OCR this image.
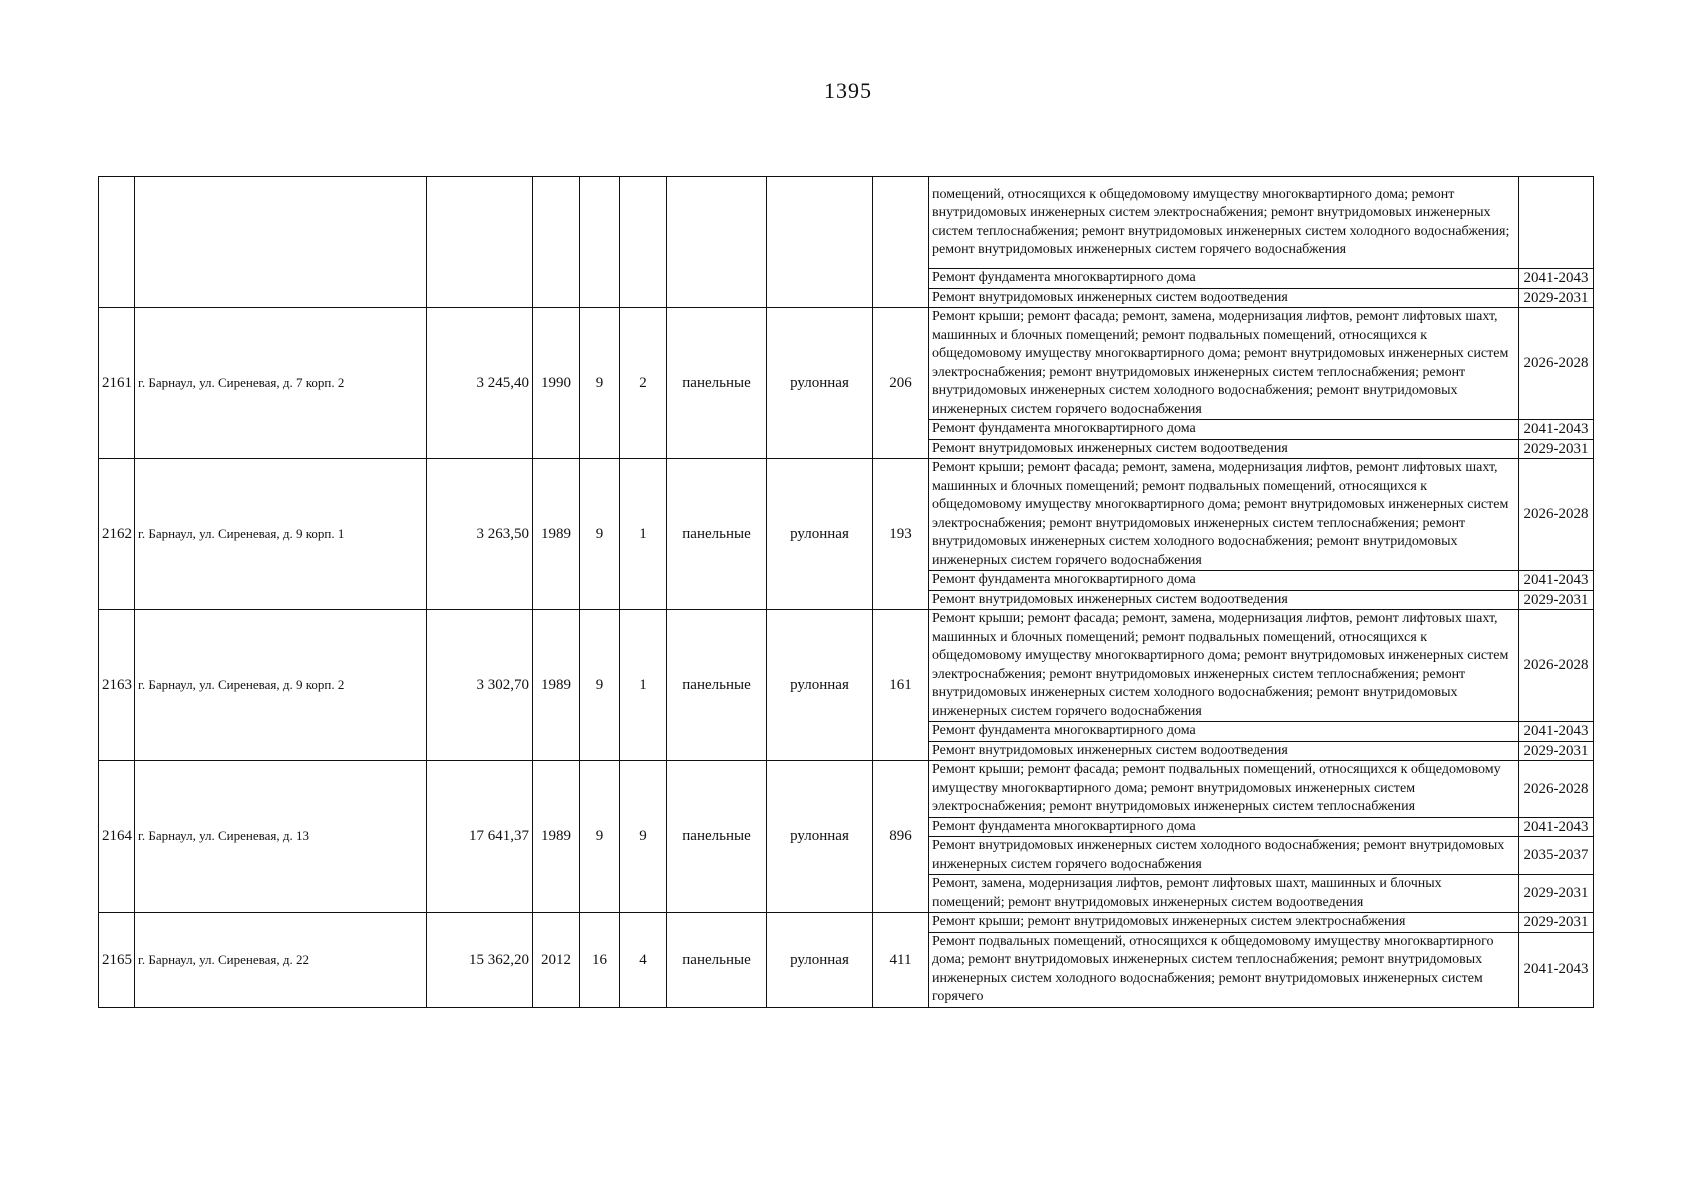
1395
									помещений, относящихся к общедомовому имуществу многоквартирного дома; ремонт внутридомовых инженерных систем электроснабжения; ремонт внутридомовых инженерных систем теплоснабжения; ремонт внутридомовых инженерных систем холодного водоснабжения; ремонт внутридомовых инженерных систем горячего водоснабжения	
									Ремонт фундамента многоквартирного дома	2041-2043
									Ремонт внутридомовых инженерных систем водоотведения	2029-2031
2161	г. Барнаул, ул. Сиреневая, д. 7 корп. 2	3 245,40	1990	9	2	панельные	рулонная	206	Ремонт крыши; ремонт фасада; ремонт, замена, модернизация лифтов, ремонт лифтовых шахт, машинных и блочных помещений; ремонт подвальных помещений, относящихся к общедомовому имуществу многоквартирного дома; ремонт внутридомовых инженерных систем электроснабжения; ремонт внутридомовых инженерных систем теплоснабжения; ремонт внутридомовых инженерных систем холодного водоснабжения; ремонт внутридомовых инженерных систем горячего водоснабжения	2026-2028
									Ремонт фундамента многоквартирного дома	2041-2043
									Ремонт внутридомовых инженерных систем водоотведения	2029-2031
2162	г. Барнаул, ул. Сиреневая, д. 9 корп. 1	3 263,50	1989	9	1	панельные	рулонная	193	Ремонт крыши; ремонт фасада; ремонт, замена, модернизация лифтов, ремонт лифтовых шахт, машинных и блочных помещений; ремонт подвальных помещений, относящихся к общедомовому имуществу многоквартирного дома; ремонт внутридомовых инженерных систем электроснабжения; ремонт внутридомовых инженерных систем теплоснабжения; ремонт внутридомовых инженерных систем холодного водоснабжения; ремонт внутридомовых инженерных систем горячего водоснабжения	2026-2028
									Ремонт фундамента многоквартирного дома	2041-2043
									Ремонт внутридомовых инженерных систем водоотведения	2029-2031
2163	г. Барнаул, ул. Сиреневая, д. 9 корп. 2	3 302,70	1989	9	1	панельные	рулонная	161	Ремонт крыши; ремонт фасада; ремонт, замена, модернизация лифтов, ремонт лифтовых шахт, машинных и блочных помещений; ремонт подвальных помещений, относящихся к общедомовому имуществу многоквартирного дома; ремонт внутридомовых инженерных систем электроснабжения; ремонт внутридомовых инженерных систем теплоснабжения; ремонт внутридомовых инженерных систем холодного водоснабжения; ремонт внутридомовых инженерных систем горячего водоснабжения	2026-2028
									Ремонт фундамента многоквартирного дома	2041-2043
									Ремонт внутридомовых инженерных систем водоотведения	2029-2031
2164	г. Барнаул, ул. Сиреневая, д. 13	17 641,37	1989	9	9	панельные	рулонная	896	Ремонт крыши; ремонт фасада; ремонт подвальных помещений, относящихся к общедомовому имуществу многоквартирного дома; ремонт внутридомовых инженерных систем электроснабжения; ремонт внутридомовых инженерных систем теплоснабжения	2026-2028
									Ремонт фундамента многоквартирного дома	2041-2043
									Ремонт внутридомовых инженерных систем холодного водоснабжения; ремонт внутридомовых инженерных систем горячего водоснабжения	2035-2037
									Ремонт, замена, модернизация лифтов, ремонт лифтовых шахт, машинных и блочных помещений; ремонт внутридомовых инженерных систем водоотведения	2029-2031
2165	г. Барнаул, ул. Сиреневая, д. 22	15 362,20	2012	16	4	панельные	рулонная	411	Ремонт крыши; ремонт внутридомовых инженерных систем электроснабжения	2029-2031
									Ремонт подвальных помещений, относящихся к общедомовому имуществу многоквартирного дома; ремонт внутридомовых инженерных систем теплоснабжения; ремонт внутридомовых инженерных систем холодного водоснабжения; ремонт внутридомовых инженерных систем горячего	2041-2043
